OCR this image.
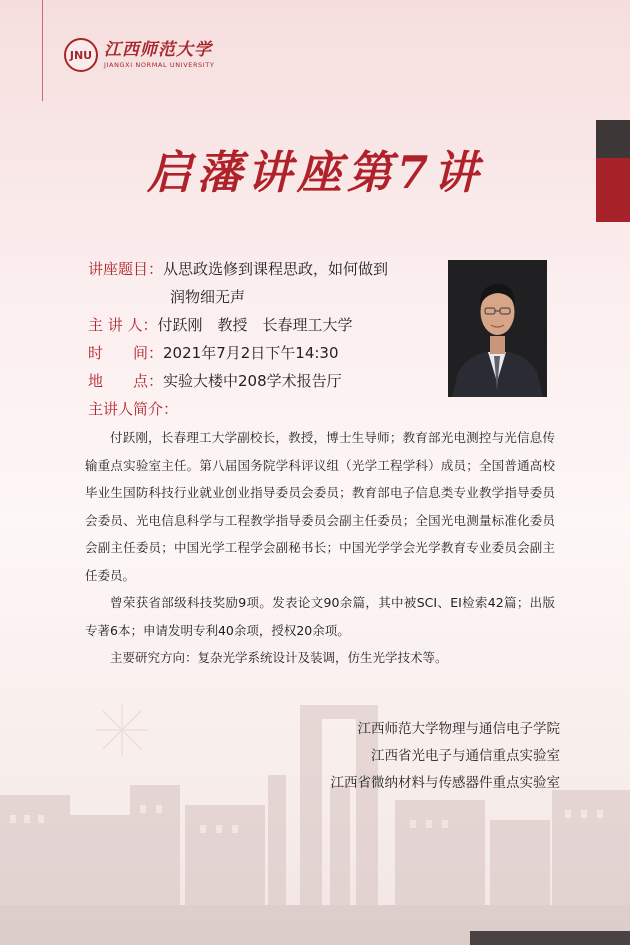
JNU 江西师范大学
JIANGXI NORMAL UNIVERSITY
启藩讲座第7讲
讲座题目： 从思政选修到课程思政，如何做到
润物细无声
主 讲 人： 付跃刚　教授　长春理工大学
时　　间： 2021年7月2日下午14:30
地　　点： 实验大楼中208学术报告厅
主讲人简介：

付跃刚，长春理工大学副校长，教授，博士生导师；教育部光电测控与光信息传输重点实验室主任。第八届国务院学科评议组（光学工程学科）成员；全国普通高校毕业生国防科技行业就业创业指导委员会委员；教育部电子信息类专业教学指导委员会委员、光电信息科学与工程教学指导委员会副主任委员；全国光电测量标准化委员会副主任委员；中国光学工程学会副秘书长；中国光学学会光学教育专业委员会副主任委员。

曾荣获省部级科技奖励9项。发表论文90余篇，其中被SCI、EI检索42篇；出版专著6本；申请发明专利40余项，授权20余项。

主要研究方向：复杂光学系统设计及装调，仿生光学技术等。

江西师范大学物理与通信电子学院
江西省光电子与通信重点实验室
江西省微纳材料与传感器件重点实验室
